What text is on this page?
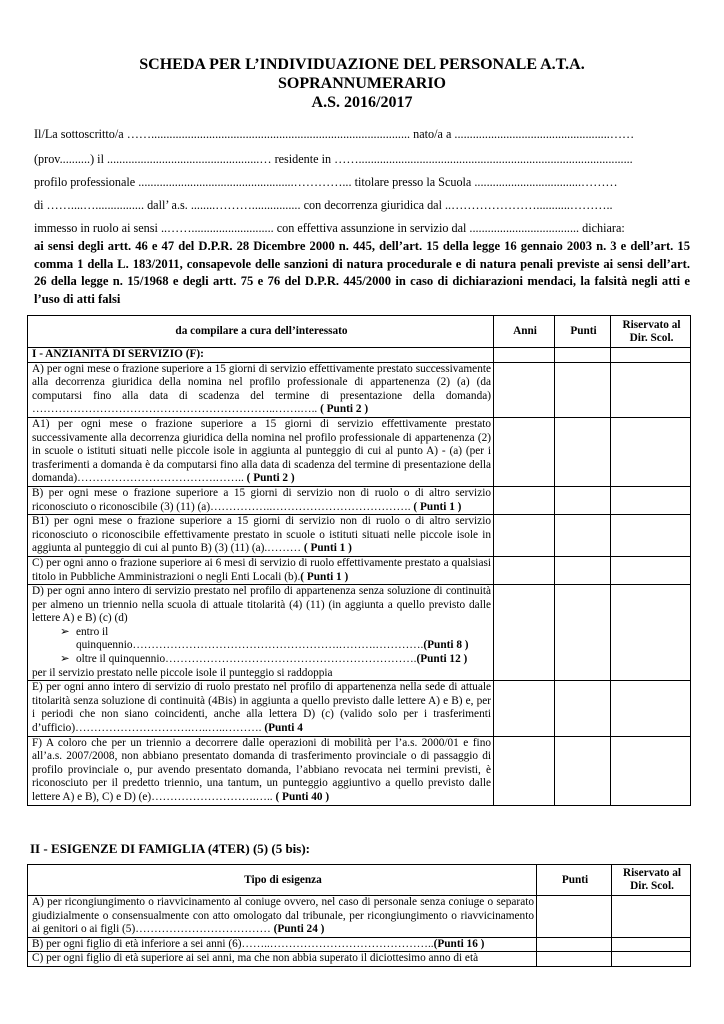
SCHEDA PER L’INDIVIDUAZIONE DEL PERSONALE A.T.A.
SOPRANNUMERARIO
A.S. 2016/2017
Il/La sottoscritto/a ……..................................................................................... nato/a a ...................................................……
(prov..........) il ..................................................… residente in ……..........................................................................................
profilo professionale ...................................................…………... titolare presso la Scuola ...................................………
di ……....…................ dall’ a.s. ........………................ con decorrenza giuridica dal ..…………………...........………..
immesso in ruolo ai sensi ..……........................... con effettiva assunzione in servizio dal .................................... dichiara:
ai sensi degli artt. 46 e 47 del D.P.R. 28 Dicembre 2000 n. 445, dell’art. 15 della legge 16 gennaio 2003 n. 3 e dell’art. 15 comma 1 della L. 183/2011, consapevole delle sanzioni di natura procedurale e di natura penali previste ai sensi dell’art. 26 della legge n. 15/1968 e degli artt. 75 e 76 del D.P.R. 445/2000 in caso di dichiarazioni mendaci, la falsità negli atti e l’uso di atti falsi
da compilare a cura dell’interessato	Anni	Punti	Riservato al Dir. Scol.
I - ANZIANITÀ DI SERVIZIO (F):			
A) per ogni mese o frazione superiore a 15 giorni di servizio effettivamente prestato successivamente alla decorrenza giuridica della nomina nel profilo professionale di appartenenza (2) (a) (da computarsi fino alla data di scadenza del termine di presentazione della domanda) ………………………………………………………..…….….. ( Punti 2 )			
A1) per ogni mese o frazione superiore a 15 giorni di servizio effettivamente prestato successivamente alla decorrenza giuridica della nomina nel profilo professionale di appartenenza (2) in scuole o istituti situati nelle piccole isole in aggiunta al punteggio di cui al punto A) - (a) (per i trasferimenti a domanda è da computarsi fino alla data di scadenza del termine di presentazione della domanda)……………………………….…….. ( Punti 2 )			
B) per ogni mese o frazione superiore a 15 giorni di servizio non di ruolo o di altro servizio riconosciuto o riconoscibile (3) (11) (a)……………..………………………………. ( Punti 1 )			
B1) per ogni mese o frazione superiore a 15 giorni di servizio non di ruolo o di altro servizio riconosciuto o riconoscibile effettivamente prestato in scuole o istituti situati nelle piccole isole in aggiunta al punteggio di cui al punto B) (3) (11) (a).……… ( Punti 1 )			
C) per ogni anno o frazione superiore ai 6 mesi di servizio di ruolo effettivamente prestato a qualsiasi titolo in Pubbliche Amministrazioni o negli Enti Locali (b).( Punti 1 )			
D) per ogni anno intero di servizio prestato nel profilo di appartenenza senza soluzione di continuità per almeno un triennio nella scuola di attuale titolarità (4) (11) (in aggiunta a quello previsto dalle lettere A) e B) (c) (d)
➢ entro il
quinquennio……………………………………………….……….………….(Punti 8 )
➢ oltre il quinquennio………………………………………………………….(Punti 12 )
per il servizio prestato nelle piccole isole il punteggio si raddoppia			
E) per ogni anno intero di servizio di ruolo prestato nel profilo di appartenenza nella sede di attuale titolarità senza soluzione di continuità (4Bis) in aggiunta a quello previsto dalle lettere A) e B) e, per i periodi che non siano coincidenti, anche alla lettera D) (c) (valido solo per i trasferimenti d’ufficio)………………………….…..…..………. (Punti 4			
F) A coloro che per un triennio a decorrere dalle operazioni di mobilità per l’a.s. 2000/01 e fino all’a.s. 2007/2008, non abbiano presentato domanda di trasferimento provinciale o di passaggio di profilo provinciale o, pur avendo presentato domanda, l’abbiano revocata nei termini previsti, è riconosciuto per il predetto triennio, una tantum, un punteggio aggiuntivo a quello previsto dalle lettere A) e B), C) e D) (e)……………………….….. ( Punti 40 )			
II - ESIGENZE DI FAMIGLIA (4TER) (5) (5 bis):
Tipo di esigenza	Punti	Riservato al Dir. Scol.
A) per ricongiungimento o riavvicinamento al coniuge ovvero, nel caso di personale senza coniuge o separato giudizialmente o consensualmente con atto omologato dal tribunale, per ricongiungimento o riavvicinamento ai genitori o ai figli (5)……………………………… (Punti 24 )		
B) per ogni figlio di età inferiore a sei anni (6)……..……………………………………..(Punti 16 )		
C) per ogni figlio di età superiore ai sei anni, ma che non abbia superato il diciottesimo anno di età		
